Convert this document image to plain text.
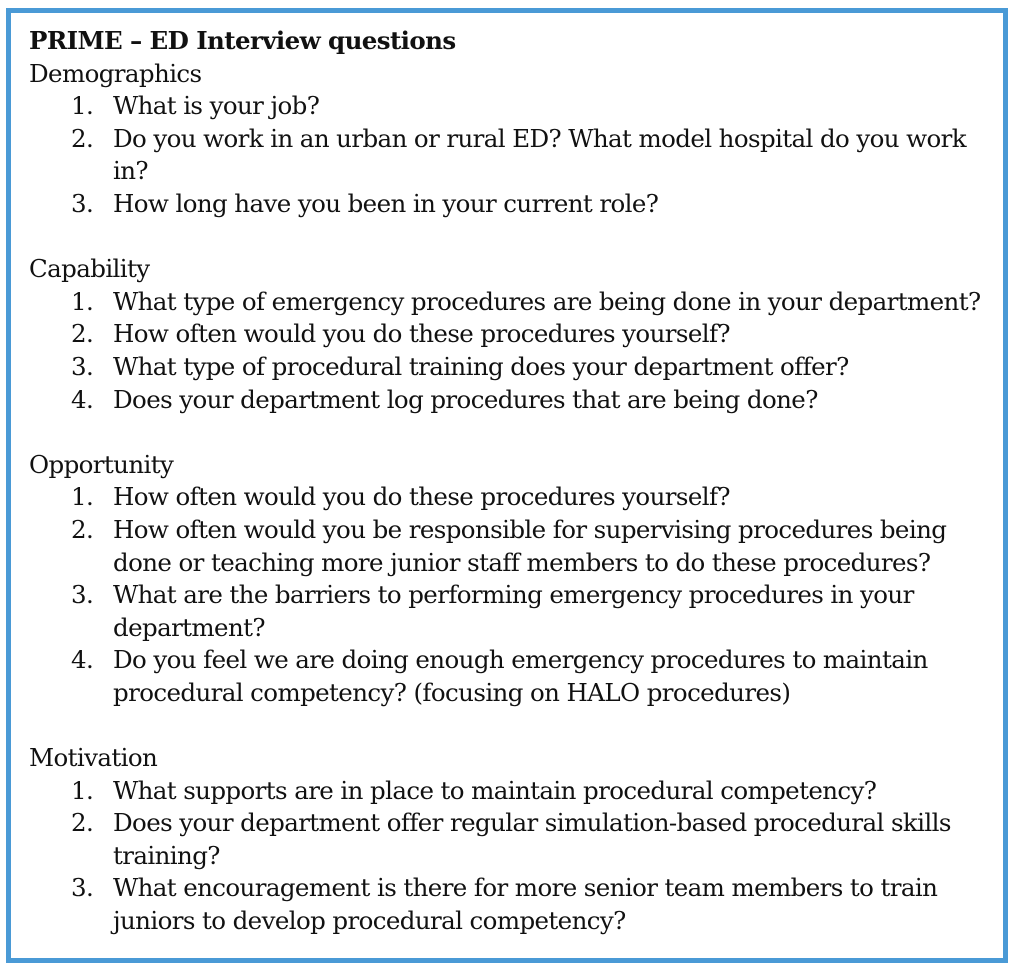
PRIME – ED Interview questions

Demographics

1. What is your job?
2. Do you work in an urban or rural ED? What model hospital do you work in?
3. How long have you been in your current role?

Capability

1. What type of emergency procedures are being done in your department?
2. How often would you do these procedures yourself?
3. What type of procedural training does your department offer?
4. Does your department log procedures that are being done?

Opportunity

1. How often would you do these procedures yourself?
2. How often would you be responsible for supervising procedures being done or teaching more junior staff members to do these procedures?
3. What are the barriers to performing emergency procedures in your department?
4. Do you feel we are doing enough emergency procedures to maintain procedural competency? (focusing on HALO procedures)

Motivation

1. What supports are in place to maintain procedural competency?
2. Does your department offer regular simulation-based procedural skills training?
3. What encouragement is there for more senior team members to train juniors to develop procedural competency?
